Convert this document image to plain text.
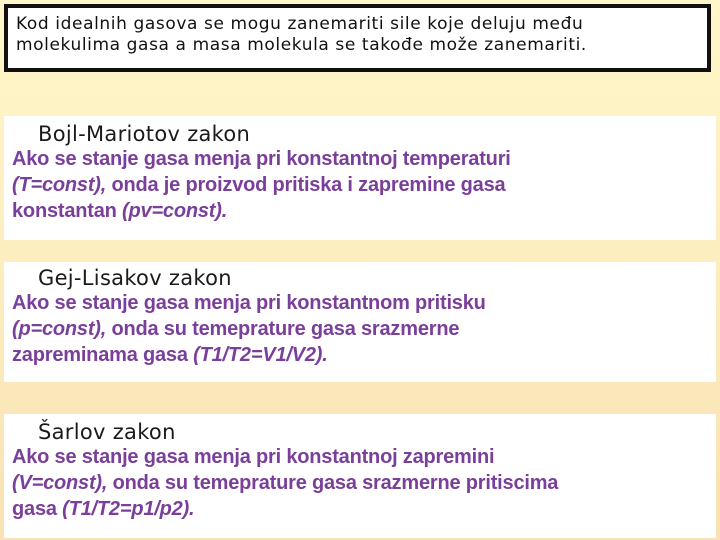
Kod idealnih gasova se mogu zanemariti sile koje deluju među
molekulima gasa a masa molekula se takođe može zanemariti.
Bojl-Mariotov zakon
Ako se stanje gasa menja pri konstantnoj temperaturi
(T=const), onda je proizvod pritiska i zapremine gasa
konstantan (pv=const).
Gej-Lisakov zakon
Ako se stanje gasa menja pri konstantnom pritisku
(p=const), onda su temeprature gasa srazmerne
zapreminama gasa (T1/T2=V1/V2).
Šarlov zakon
Ako se stanje gasa menja pri konstantnoj zapremini
(V=const), onda su temeprature gasa srazmerne pritiscima
gasa (T1/T2=p1/p2).
